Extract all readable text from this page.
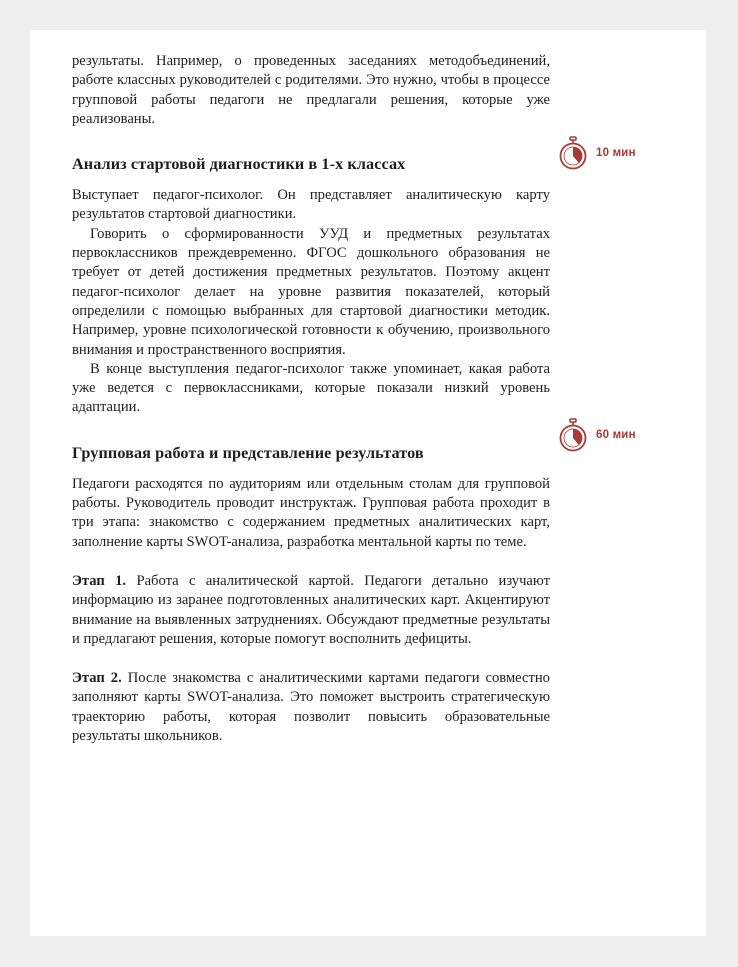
результаты. Например, о проведенных заседаниях методобъединений, работе классных руководителей с родителями. Это нужно, чтобы в процессе групповой работы педагоги не предлагали решения, которые уже реализованы.

Анализ стартовой диагностики в 1-х классах

Выступает педагог-психолог. Он представляет аналитическую карту результатов стартовой диагностики.

Говорить о сформированности УУД и предметных результатах первоклассников преждевременно. ФГОС дошкольного образования не требует от детей достижения предметных результатов. Поэтому акцент педагог-психолог делает на уровне развития показателей, который определили с помощью выбранных для стартовой диагностики методик. Например, уровне психологической готовности к обучению, произвольного внимания и пространственного восприятия.

В конце выступления педагог-психолог также упоминает, какая работа уже ведется с первоклассниками, которые показали низкий уровень адаптации.

Групповая работа и представление результатов

Педагоги расходятся по аудиториям или отдельным столам для групповой работы. Руководитель проводит инструктаж. Групповая работа проходит в три этапа: знакомство с содержанием предметных аналитических карт, заполнение карты SWOT-анализа, разработка ментальной карты по теме.

Этап 1. Работа с аналитической картой. Педагоги детально изучают информацию из заранее подготовленных аналитических карт. Акцентируют внимание на выявленных затруднениях. Обсуждают предметные результаты и предлагают решения, которые помогут восполнить дефициты.

Этап 2. После знакомства с аналитическими картами педагоги совместно заполняют карты SWOT-анализа. Это поможет выстроить стратегическую траекторию работы, которая позволит повысить образовательные результаты школьников.

10 мин
60 мин
